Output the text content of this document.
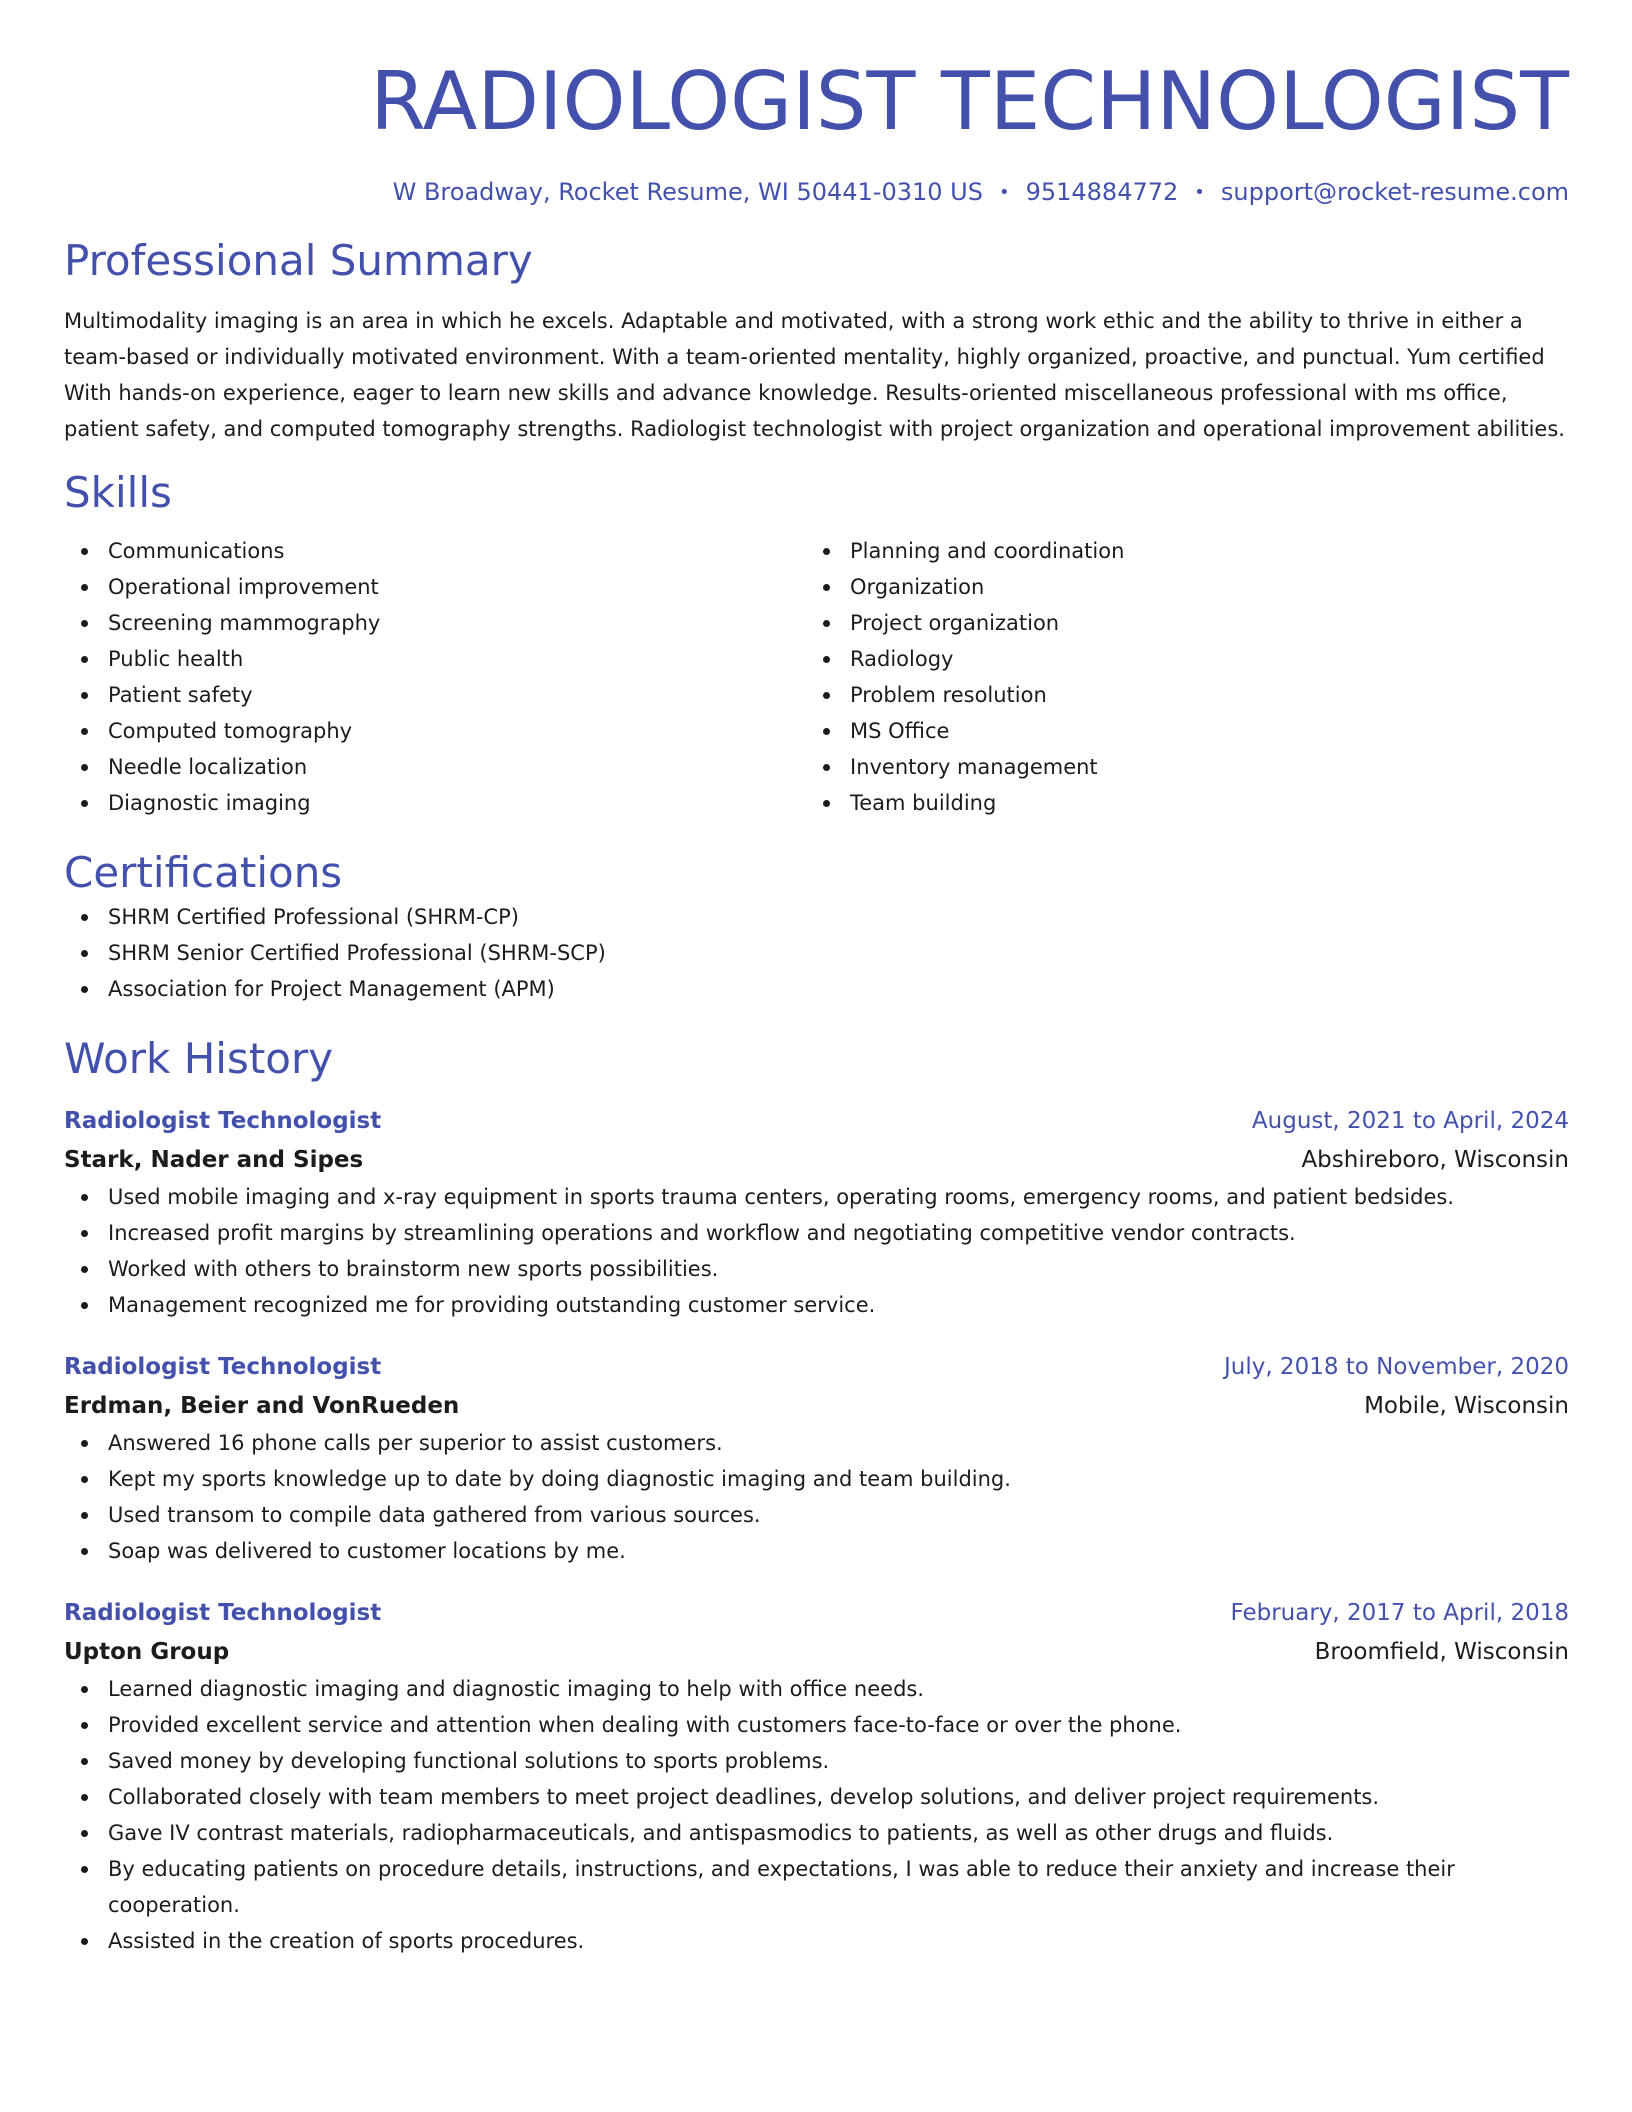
RADIOLOGIST TECHNOLOGIST
W Broadway, Rocket Resume, WI 50441-0310 US • 9514884772 • support@rocket-resume.com
Professional Summary
Multimodality imaging is an area in which he excels. Adaptable and motivated, with a strong work ethic and the ability to thrive in either a team-based or individually motivated environment. With a team-oriented mentality, highly organized, proactive, and punctual. Yum certified With hands-on experience, eager to learn new skills and advance knowledge. Results-oriented miscellaneous professional with ms office, patient safety, and computed tomography strengths. Radiologist technologist with project organization and operational improvement abilities.
Skills
Communications
Operational improvement
Screening mammography
Public health
Patient safety
Computed tomography
Needle localization
Diagnostic imaging
Planning and coordination
Organization
Project organization
Radiology
Problem resolution
MS Office
Inventory management
Team building
Certifications
SHRM Certified Professional (SHRM-CP)
SHRM Senior Certified Professional (SHRM-SCP)
Association for Project Management (APM)
Work History
Radiologist Technologist	August, 2021 to April, 2024
Stark, Nader and Sipes	Abshireboro, Wisconsin
Used mobile imaging and x-ray equipment in sports trauma centers, operating rooms, emergency rooms, and patient bedsides.
Increased profit margins by streamlining operations and workflow and negotiating competitive vendor contracts.
Worked with others to brainstorm new sports possibilities.
Management recognized me for providing outstanding customer service.
Radiologist Technologist	July, 2018 to November, 2020
Erdman, Beier and VonRueden	Mobile, Wisconsin
Answered 16 phone calls per superior to assist customers.
Kept my sports knowledge up to date by doing diagnostic imaging and team building.
Used transom to compile data gathered from various sources.
Soap was delivered to customer locations by me.
Radiologist Technologist	February, 2017 to April, 2018
Upton Group	Broomfield, Wisconsin
Learned diagnostic imaging and diagnostic imaging to help with office needs.
Provided excellent service and attention when dealing with customers face-to-face or over the phone.
Saved money by developing functional solutions to sports problems.
Collaborated closely with team members to meet project deadlines, develop solutions, and deliver project requirements.
Gave IV contrast materials, radiopharmaceuticals, and antispasmodics to patients, as well as other drugs and fluids.
By educating patients on procedure details, instructions, and expectations, I was able to reduce their anxiety and increase their cooperation.
Assisted in the creation of sports procedures.
